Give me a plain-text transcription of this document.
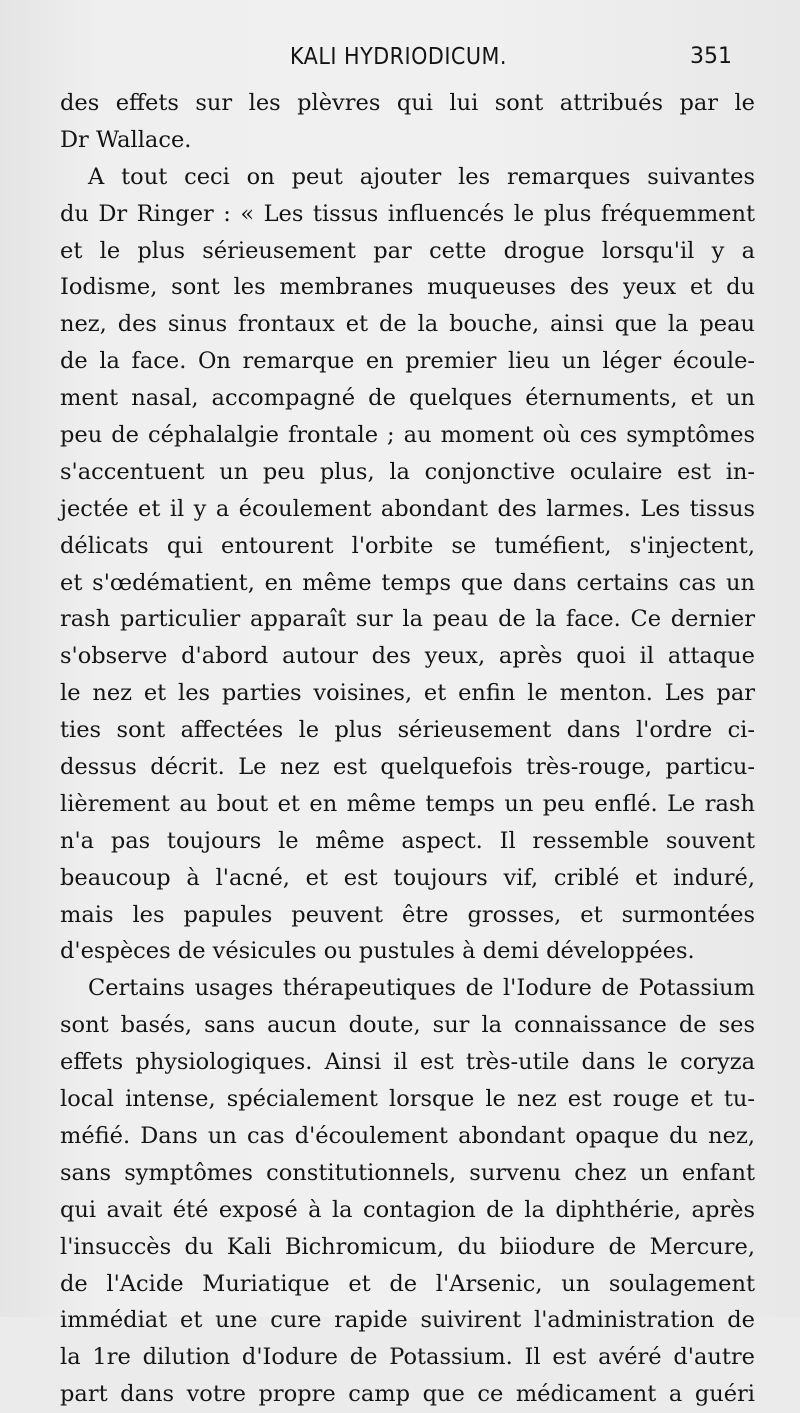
KALI HYDRIODICUM.	351
des effets sur les plèvres qui lui sont attribués par le
Dr Wallace.
A tout ceci on peut ajouter les remarques suivantes
du Dr Ringer : « Les tissus influencés le plus fréquemment
et le plus sérieusement par cette drogue lorsqu'il y a
Iodisme, sont les membranes muqueuses des yeux et du
nez, des sinus frontaux et de la bouche, ainsi que la peau
de la face. On remarque en premier lieu un léger écoule-
ment nasal, accompagné de quelques éternuments, et un
peu de céphalalgie frontale ; au moment où ces symptômes
s'accentuent un peu plus, la conjonctive oculaire est in-
jectée et il y a écoulement abondant des larmes. Les tissus
délicats qui entourent l'orbite se tuméfient, s'injectent,
et s'œdématient, en même temps que dans certains cas un
rash particulier apparaît sur la peau de la face. Ce dernier
s'observe d'abord autour des yeux, après quoi il attaque
le nez et les parties voisines, et enfin le menton. Les par
ties sont affectées le plus sérieusement dans l'ordre ci-
dessus décrit. Le nez est quelquefois très-rouge, particu-
lièrement au bout et en même temps un peu enflé. Le rash
n'a pas toujours le même aspect. Il ressemble souvent
beaucoup à l'acné, et est toujours vif, criblé et induré,
mais les papules peuvent être grosses, et surmontées
d'espèces de vésicules ou pustules à demi développées.
Certains usages thérapeutiques de l'Iodure de Potassium
sont basés, sans aucun doute, sur la connaissance de ses
effets physiologiques. Ainsi il est très-utile dans le coryza
local intense, spécialement lorsque le nez est rouge et tu-
méfié. Dans un cas d'écoulement abondant opaque du nez,
sans symptômes constitutionnels, survenu chez un enfant
qui avait été exposé à la contagion de la diphthérie, après
l'insuccès du Kali Bichromicum, du biiodure de Mercure,
de l'Acide Muriatique et de l'Arsenic, un soulagement
immédiat et une cure rapide suivirent l'administration de
la 1re dilution d'Iodure de Potassium. Il est avéré d'autre
part dans votre propre camp que ce médicament a guéri
